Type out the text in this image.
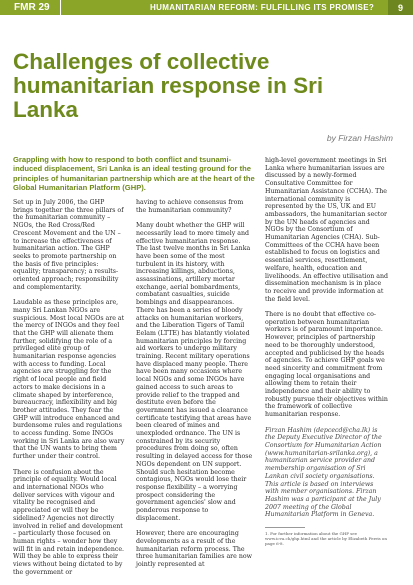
FMR 29	HUMANITARIAN REFORM: FULFILLING ITS PROMISE?	9
Challenges of collective humanitarian response in Sri Lanka
by Firzan Hashim

Grappling with how to respond to both conflict and tsunami-induced displacement, Sri Lanka is an ideal testing ground for the principles of humanitarian partnership which are at the heart of the Global Humanitarian Platform (GHP).

Set up in July 2006, the GHP brings together the three pillars of the humanitarian community – NGOs, the Red Cross/Red Crescent Movement and the UN – to increase the effectiveness of humanitarian action. The GHP seeks to promote partnership on the basis of five principles: equality; transparency; a results-oriented approach; responsibility and complementarity.

Laudable as these principles are, many Sri Lankan NGOs are suspicious. Most local NGOs are at the mercy of INGOs and they feel that the GHP will alienate them further, solidifying the role of a privileged elite group of humanitarian response agencies with access to funding. Local agencies are struggling for the right of local people and field actors to make decisions in a climate shaped by interference, bureaucracy, inflexibility and big brother attitudes. They fear the GHP will introduce enhanced and burdensome rules and regulations to access funding. Some INGOs working in Sri Lanka are also wary that the UN wants to bring them further under their control.

There is confusion about the principle of equality. Would local and international NGOs who deliver services with vigour and vitality be recognised and appreciated or will they be sidelined? Agencies not directly involved in relief and development – particularly those focused on human rights – wonder how they will fit in and retain independence. Will they be able to express their views without being dictated to by the government or

having to achieve consensus from the humanitarian community?

Many doubt whether the GHP will necessarily lead to more timely and effective humanitarian response. The last twelve months in Sri Lanka have been some of the most turbulent in its history, with increasing killings, abductions, assassinations, artillery mortar exchange, aerial bombardments, combatant casualties, suicide bombings and disappearances. There has been a series of bloody attacks on humanitarian workers, and the Liberation Tigers of Tamil Eelam (LTTE) has blatantly violated humanitarian principles by forcing aid workers to undergo military training. Recent military operations have displaced many people. There have been many occasions where local NGOs and some INGOs have gained access to such areas to provide relief to the trapped and destitute even before the government has issued a clearance certificate testifying that areas have been cleared of mines and unexploded ordnance. The UN is constrained by its security procedures from doing so, often resulting in delayed access for those NGOs dependent on UN support. Should such hesitation become contagious, NGOs would lose their response flexibility – a worrying prospect considering the government agencies' slow and ponderous response to displacement.

However, there are encouraging developments as a result of the humanitarian reform process. The three humanitarian families are now jointly represented at

high-level government meetings in Sri Lanka where humanitarian issues are discussed by a newly-formed Consultative Committee for Humanitarian Assistance (CCHA). The international community is represented by the US, UK and EU ambassadors, the humanitarian sector by the UN heads of agencies and NGOs by the Consortium of Humanitarian Agencies (CHA). Sub-Committees of the CCHA have been established to focus on logistics and essential services, resettlement, welfare, health, education and livelihoods. An effective utilisation and dissemination mechanism is in place to receive and provide information at the field level.

There is no doubt that effective co-operation between humanitarian workers is of paramount importance. However, principles of partnership need to be thoroughly understood, accepted and publicised by the heads of agencies. To achieve GHP goals we need sincerity and commitment from engaging local organisations and allowing them to retain their independence and their ability to robustly pursue their objectives within the framework of collective humanitarian response.

Firzan Hashim (depcecd@cha.lk) is the Deputy Executive Director of the Consortium for Humanitarian Action (www.humanitarian-srilanka.org), a humanitarian service provider and membership organisation of Sri Lankan civil society organisations. This article is based on interviews with member organisations. Firzan Hashim was a participant at the July 2007 meeting of the Global Humanitarian Platform in Geneva.

1. For further information about the GHP see www.icva.ch/ghp.html and the article by Elizabeth Ferris on page 6-8.
